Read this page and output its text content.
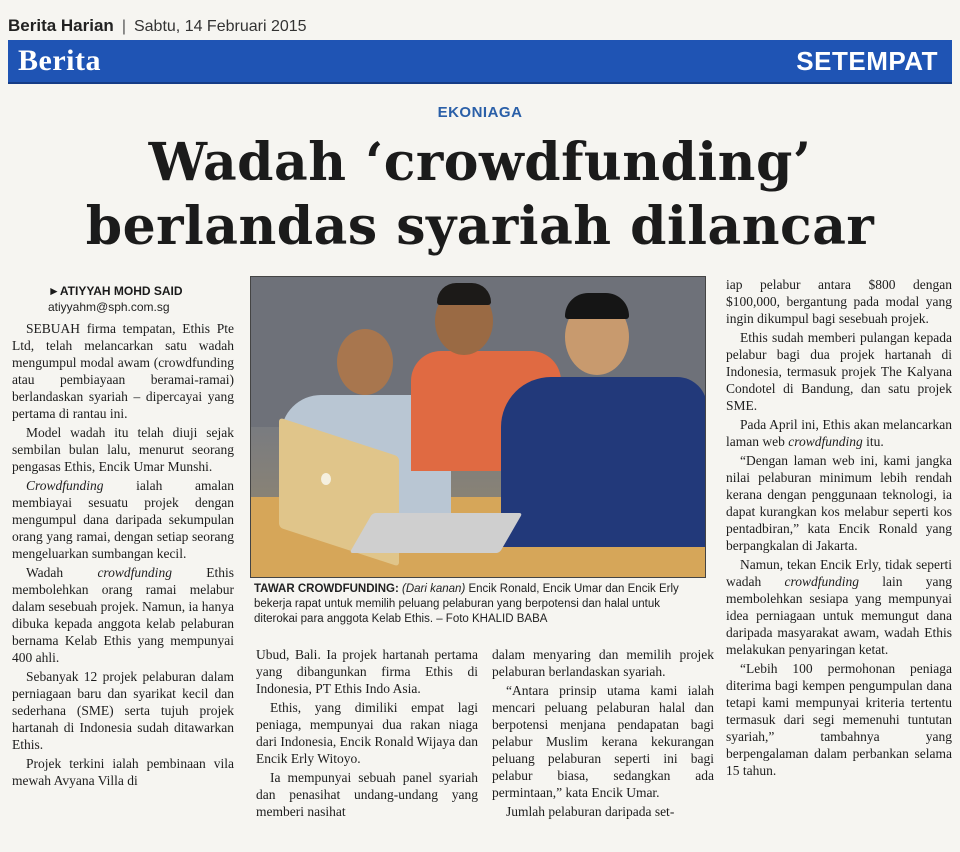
Berita Harian | Sabtu, 14 Februari 2015
Berita	SETEMPAT
EKONIAGA
Wadah ‘crowdfunding’
berlandas syariah dilancar
►ATIYYAH MOHD SAID
atiyyahm@sph.com.sg

SEBUAH firma tempatan, Ethis Pte Ltd, telah melancarkan satu wadah mengumpul modal awam (crowdfunding atau pembiayaan beramai-ramai) berlandaskan syariah – dipercayai yang pertama di rantau ini.

Model wadah itu telah diuji sejak sembilan bulan lalu, menurut seorang pengasas Ethis, Encik Umar Munshi.

Crowdfunding ialah amalan membiayai sesuatu projek dengan mengumpul dana daripada sekumpulan orang yang ramai, dengan setiap seorang mengeluarkan sumbangan kecil.

Wadah crowdfunding Ethis membolehkan orang ramai melabur dalam sesebuah projek. Namun, ia hanya dibuka kepada anggota kelab pelaburan bernama Kelab Ethis yang mempunyai 400 ahli.

Sebanyak 12 projek pelaburan dalam perniagaan baru dan syarikat kecil dan sederhana (SME) serta tujuh projek hartanah di Indonesia sudah ditawarkan Ethis.

Projek terkini ialah pembinaan vila mewah Avyana Villa di

TAWAR CROWDFUNDING: (Dari kanan) Encik Ronald, Encik Umar dan Encik Erly bekerja rapat untuk memilih peluang pelaburan yang berpotensi dan halal untuk diterokai para anggota Kelab Ethis. – Foto KHALID BABA

Ubud, Bali. Ia projek hartanah pertama yang dibangunkan firma Ethis di Indonesia, PT Ethis Indo Asia.

Ethis, yang dimiliki empat lagi peniaga, mempunyai dua rakan niaga dari Indonesia, Encik Ronald Wijaya dan Encik Erly Witoyo.

Ia mempunyai sebuah panel syariah dan penasihat undang-undang yang memberi nasihat

dalam menyaring dan memilih projek pelaburan berlandaskan syariah.

“Antara prinsip utama kami ialah mencari peluang pelaburan halal dan berpotensi menjana pendapatan bagi pelabur Muslim kerana kekurangan peluang pelaburan seperti ini bagi pelabur biasa, sedangkan ada permintaan,” kata Encik Umar.

Jumlah pelaburan daripada set-

iap pelabur antara $800 dengan $100,000, bergantung pada modal yang ingin dikumpul bagi sesebuah projek.

Ethis sudah memberi pulangan kepada pelabur bagi dua projek hartanah di Indonesia, termasuk projek The Kalyana Condotel di Bandung, dan satu projek SME.

Pada April ini, Ethis akan melancarkan laman web crowdfunding itu.

“Dengan laman web ini, kami jangka nilai pelaburan minimum lebih rendah kerana dengan penggunaan teknologi, ia dapat kurangkan kos melabur seperti kos pentadbiran,” kata Encik Ronald yang berpangkalan di Jakarta.

Namun, tekan Encik Erly, tidak seperti wadah crowdfunding lain yang membolehkan sesiapa yang mempunyai idea perniagaan untuk memungut dana daripada masyarakat awam, wadah Ethis melakukan penyaringan ketat.

“Lebih 100 permohonan peniaga diterima bagi kempen pengumpulan dana tetapi kami mempunyai kriteria tertentu termasuk dari segi memenuhi tuntutan syariah,” tambahnya yang berpengalaman dalam perbankan selama 15 tahun.
